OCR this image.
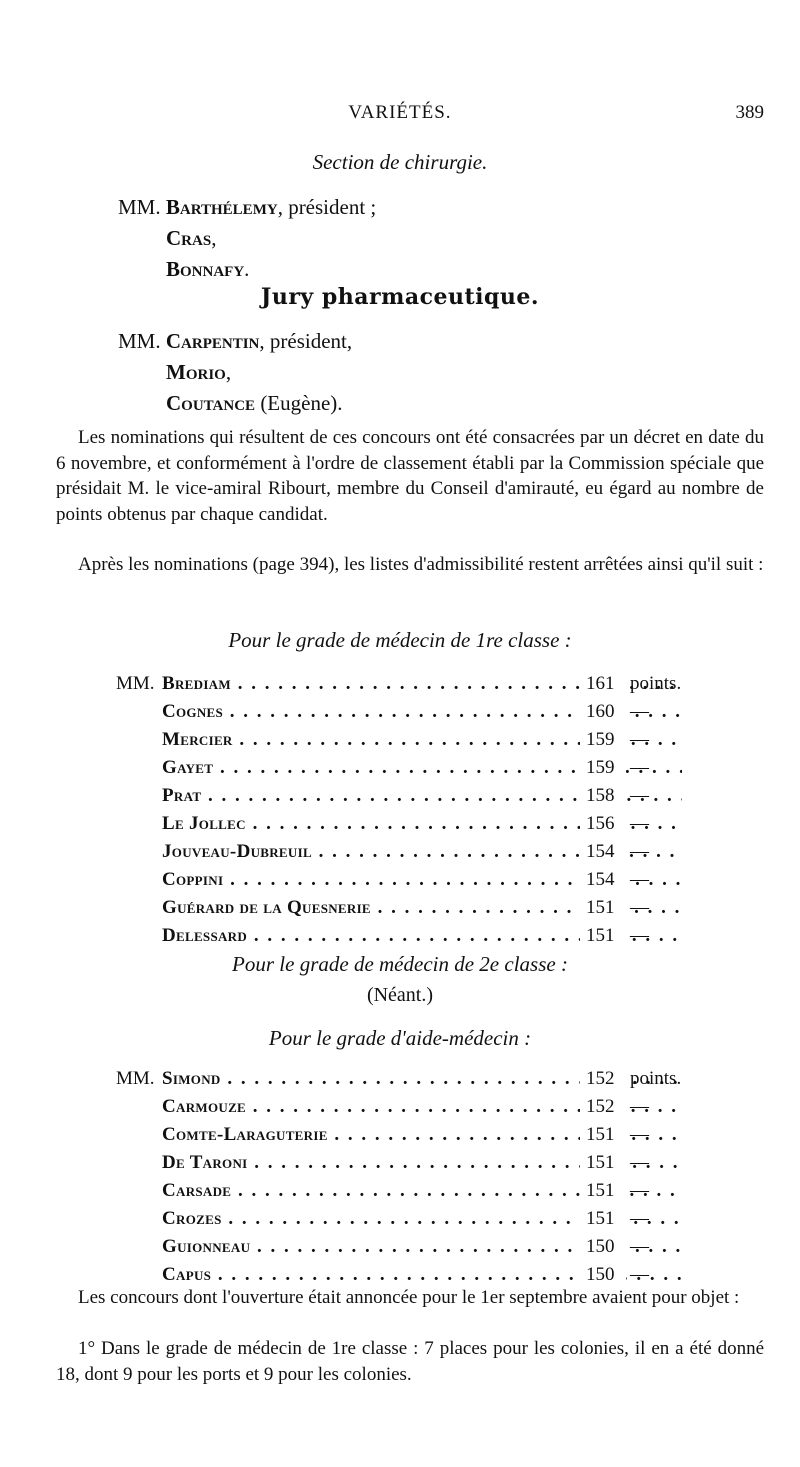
VARIÉTÉS.	389
Section de chirurgie.
MM. Barthélemy, président ;
Cras,
Bonnafy.
Jury pharmaceutique.
MM. Carpentin, président,
Morio,
Coutance (Eugène).

Les nominations qui résultent de ces concours ont été consacrées par un décret en date du 6 novembre, et conformément à l'ordre de classement établi par la Commission spéciale que présidait M. le vice-amiral Ribourt, membre du Conseil d'amirauté, eu égard au nombre de points obtenus par chaque candidat.

Après les nominations (page 394), les listes d'admissibilité restent arrêtées ainsi qu'il suit :

Pour le grade de médecin de 1re classe :
MM. Brediam . . .	161 points.
Cognes . . .	160 —
Mercier . . .	159 —
Gayet . . .	159 —
Prat . . .	158 —
Le Jollec . . .	156 —
Jouveau-Dubreuil . . .	154 —
Coppini . . .	154 —
Guérard de la Quesnerie . . .	151 —
Delessard . . .	151 —
Pour le grade de médecin de 2e classe :
(Néant.)
Pour le grade d'aide-médecin :
MM. Simond . . .	152 points.
Carmouze . . .	152 —
Comte-Laraguterie . . .	151 —
De Taroni . . .	151 —
Carsade . . .	151 —
Crozes . . .	151 —
Guionneau . . .	150 —
Capus . . .	150 —

Les concours dont l'ouverture était annoncée pour le 1er septembre avaient pour objet :

1° Dans le grade de médecin de 1re classe : 7 places pour les colonies, il en a été donné 18, dont 9 pour les ports et 9 pour les colonies.
